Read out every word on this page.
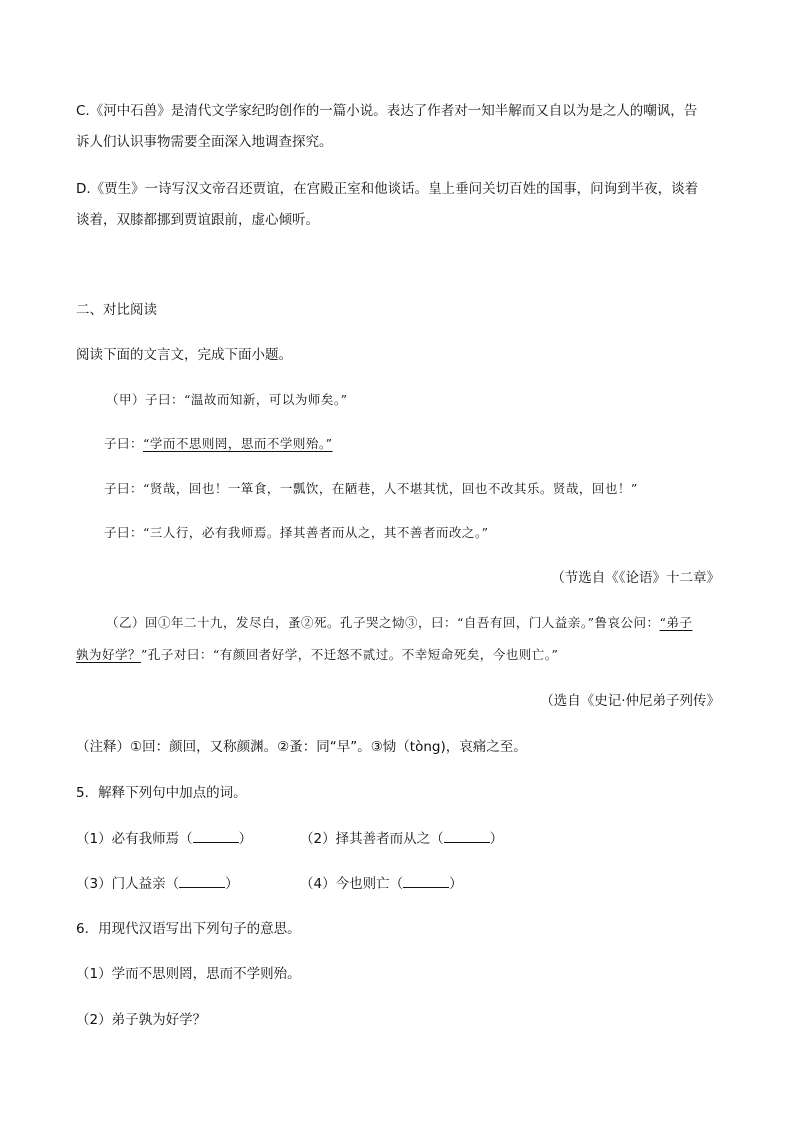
C.《河中石兽》是清代文学家纪昀创作的一篇小说。表达了作者对一知半解而又自以为是之人的嘲讽，告
诉人们认识事物需要全面深入地调查探究。
D.《贾生》一诗写汉文帝召还贾谊，在宫殿正室和他谈话。皇上垂问关切百姓的国事，问询到半夜，谈着
谈着，双膝都挪到贾谊跟前，虚心倾听。
二、对比阅读
阅读下面的文言文，完成下面小题。
（甲）子曰：“温故而知新，可以为师矣。”
子曰：“学而不思则罔，思而不学则殆。”
子曰：“贤哉，回也！一箪食，一瓢饮，在陋巷，人不堪其忧，回也不改其乐。贤哉，回也！”
子曰：“三人行，必有我师焉。择其善者而从之，其不善者而改之。”
（节选自《《论语》十二章》
（乙）回①年二十九，发尽白，蚤②死。孔子哭之恸③，曰：“自吾有回，门人益亲。”鲁哀公问：“弟子
孰为好学？”孔子对曰：“有颜回者好学，不迁怒不贰过。不幸短命死矣，今也则亡。”
（选自《史记·仲尼弟子列传》
（注释）①回：颜回，又称颜渊。②蚤：同“早”。③恸（tòng)，哀痛之至。
5．解释下列句中加点的词。
（1）必有我师焉（	）	（2）择其善者而从之（	）
（3）门人益亲（	）	（4）今也则亡（	）
6．用现代汉语写出下列句子的意思。
（1）学而不思则罔，思而不学则殆。
（2）弟子孰为好学？
